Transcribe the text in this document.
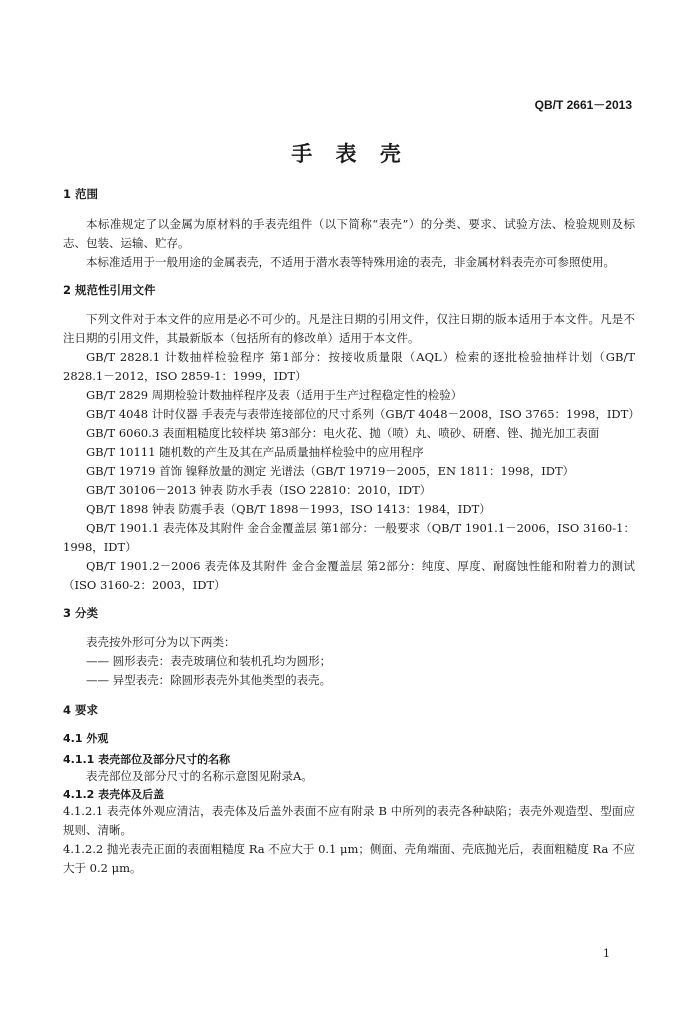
QB/T 2661－2013
手 表 壳
1 范围

本标准规定了以金属为原材料的手表壳组件（以下简称“表壳”）的分类、要求、试验方法、检验规则及标志、包装、运输、贮存。

本标准适用于一般用途的金属表壳，不适用于潜水表等特殊用途的表壳，非金属材料表壳亦可参照使用。

2 规范性引用文件

下列文件对于本文件的应用是必不可少的。凡是注日期的引用文件，仅注日期的版本适用于本文件。凡是不注日期的引用文件，其最新版本（包括所有的修改单）适用于本文件。

GB/T 2828.1 计数抽样检验程序 第1部分：按接收质量限（AQL）检索的逐批检验抽样计划（GB/T 2828.1－2012，ISO 2859-1：1999，IDT）

GB/T 2829 周期检验计数抽样程序及表（适用于生产过程稳定性的检验）

GB/T 4048 计时仪器 手表壳与表带连接部位的尺寸系列（GB/T 4048－2008，ISO 3765：1998，IDT）

GB/T 6060.3 表面粗糙度比较样块 第3部分：电火花、抛（喷）丸、喷砂、研磨、锉、抛光加工表面

GB/T 10111 随机数的产生及其在产品质量抽样检验中的应用程序

GB/T 19719 首饰 镍释放量的测定 光谱法（GB/T 19719－2005，EN 1811：1998，IDT）

GB/T 30106－2013 钟表 防水手表（ISO 22810：2010，IDT）

QB/T 1898 钟表 防震手表（QB/T 1898－1993，ISO 1413：1984，IDT）

QB/T 1901.1 表壳体及其附件 金合金覆盖层 第1部分：一般要求（QB/T 1901.1－2006，ISO 3160-1：1998，IDT）

QB/T 1901.2－2006 表壳体及其附件 金合金覆盖层 第2部分：纯度、厚度、耐腐蚀性能和附着力的测试（ISO 3160-2：2003，IDT）

3 分类

表壳按外形可分为以下两类：

—— 圆形表壳：表壳玻璃位和装机孔均为圆形；

—— 异型表壳：除圆形表壳外其他类型的表壳。

4 要求
4.1 外观
4.1.1 表壳部位及部分尺寸的名称

表壳部位及部分尺寸的名称示意图见附录A。

4.1.2 表壳体及后盖

4.1.2.1 表壳体外观应清洁，表壳体及后盖外表面不应有附录 B 中所列的表壳各种缺陷；表壳外观造型、型面应规则、清晰。

4.1.2.2 抛光表壳正面的表面粗糙度 Ra 不应大于 0.1 μm；侧面、壳角端面、壳底抛光后，表面粗糙度 Ra 不应大于 0.2 μm。

1
